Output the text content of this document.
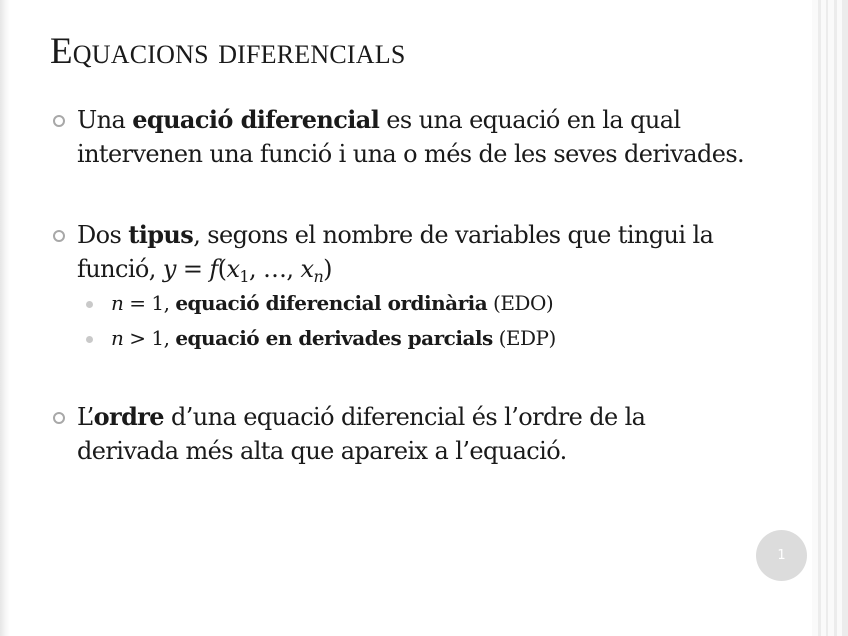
Equacions diferencials

Una equació diferencial es una equació en la qual intervenen una funció i una o més de les seves derivades.

Dos tipus, segons el nombre de variables que tingui la funció, $y = f(x_1$, …, $x_n$)

n = 1, equació diferencial ordinària (EDO)

n > 1, equació en derivades parcials (EDP)

L’ordre d’una equació diferencial és l’ordre de la derivada més alta que apareix a l’equació.

1
